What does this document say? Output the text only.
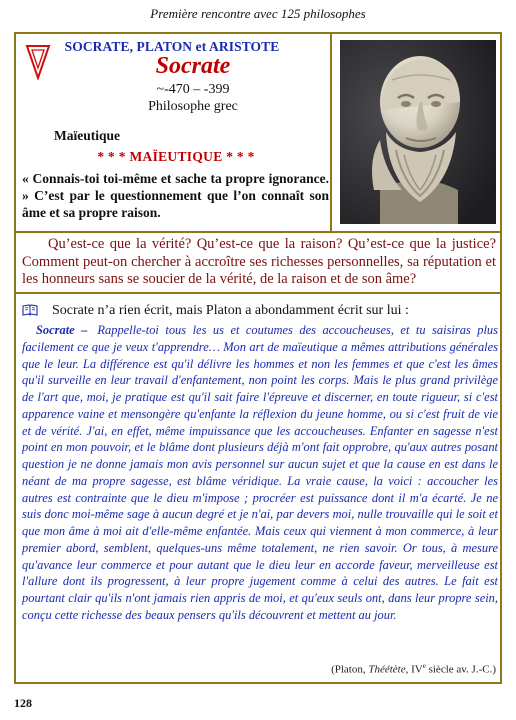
Première rencontre avec 125 philosophes
SOCRATE, PLATON et ARISTOTE
Socrate
~-470 – -399
Philosophe grec
Maïeutique
* * * MAÏEUTIQUE * * *
« Connais-toi toi-même et sache ta propre ignorance. » C’est par le questionnement que l’on connaît son âme et sa propre raison.

Qu’est-ce que la vérité? Qu’est-ce que la raison? Qu’est-ce que la justice? Comment peut-on chercher à accroître ses richesses personnelles, sa réputation et les honneurs sans se soucier de la vérité, de la raison et de son âme?

Socrate n’a rien écrit, mais Platon a abondamment écrit sur lui :

Socrate – Rappelle-toi tous les us et coutumes des accoucheuses, et tu saisiras plus facilement ce que je veux t'apprendre… Mon art de maïeutique a mêmes attributions générales que le leur. La différence est qu'il délivre les hommes et non les femmes et que c'est les âmes qu'il surveille en leur travail d'enfantement, non point les corps. Mais le plus grand privilège de l'art que, moi, je pratique est qu'il sait faire l'épreuve et discerner, en toute rigueur, si c'est apparence vaine et mensongère qu'enfante la réflexion du jeune homme, ou si c'est fruit de vie et de vérité. J'ai, en effet, même impuissance que les accoucheuses. Enfanter en sagesse n'est point en mon pouvoir, et le blâme dont plusieurs déjà m'ont fait opprobre, qu'aux autres posant question je ne donne jamais mon avis personnel sur aucun sujet et que la cause en est dans le néant de ma propre sagesse, est blâme véridique. La vraie cause, la voici : accoucher les autres est contrainte que le dieu m'impose ; procréer est puissance dont il m'a écarté. Je ne suis donc moi-même sage à aucun degré et je n'ai, par devers moi, nulle trouvaille qui le soit et que mon âme à moi ait d'elle-même enfantée. Mais ceux qui viennent à mon commerce, à leur premier abord, semblent, quelques-uns même totalement, ne rien savoir. Or tous, à mesure qu'avance leur commerce et pour autant que le dieu leur en accorde faveur, merveilleuse est l'allure dont ils progressent, à leur propre jugement comme à celui des autres. Le fait est pourtant clair qu'ils n'ont jamais rien appris de moi, et qu'eux seuls ont, dans leur propre sein, conçu cette richesse des beaux pensers qu'ils découvrent et mettent au jour.

(Platon, Théétète, IVe siècle av. J.-C.)
128
